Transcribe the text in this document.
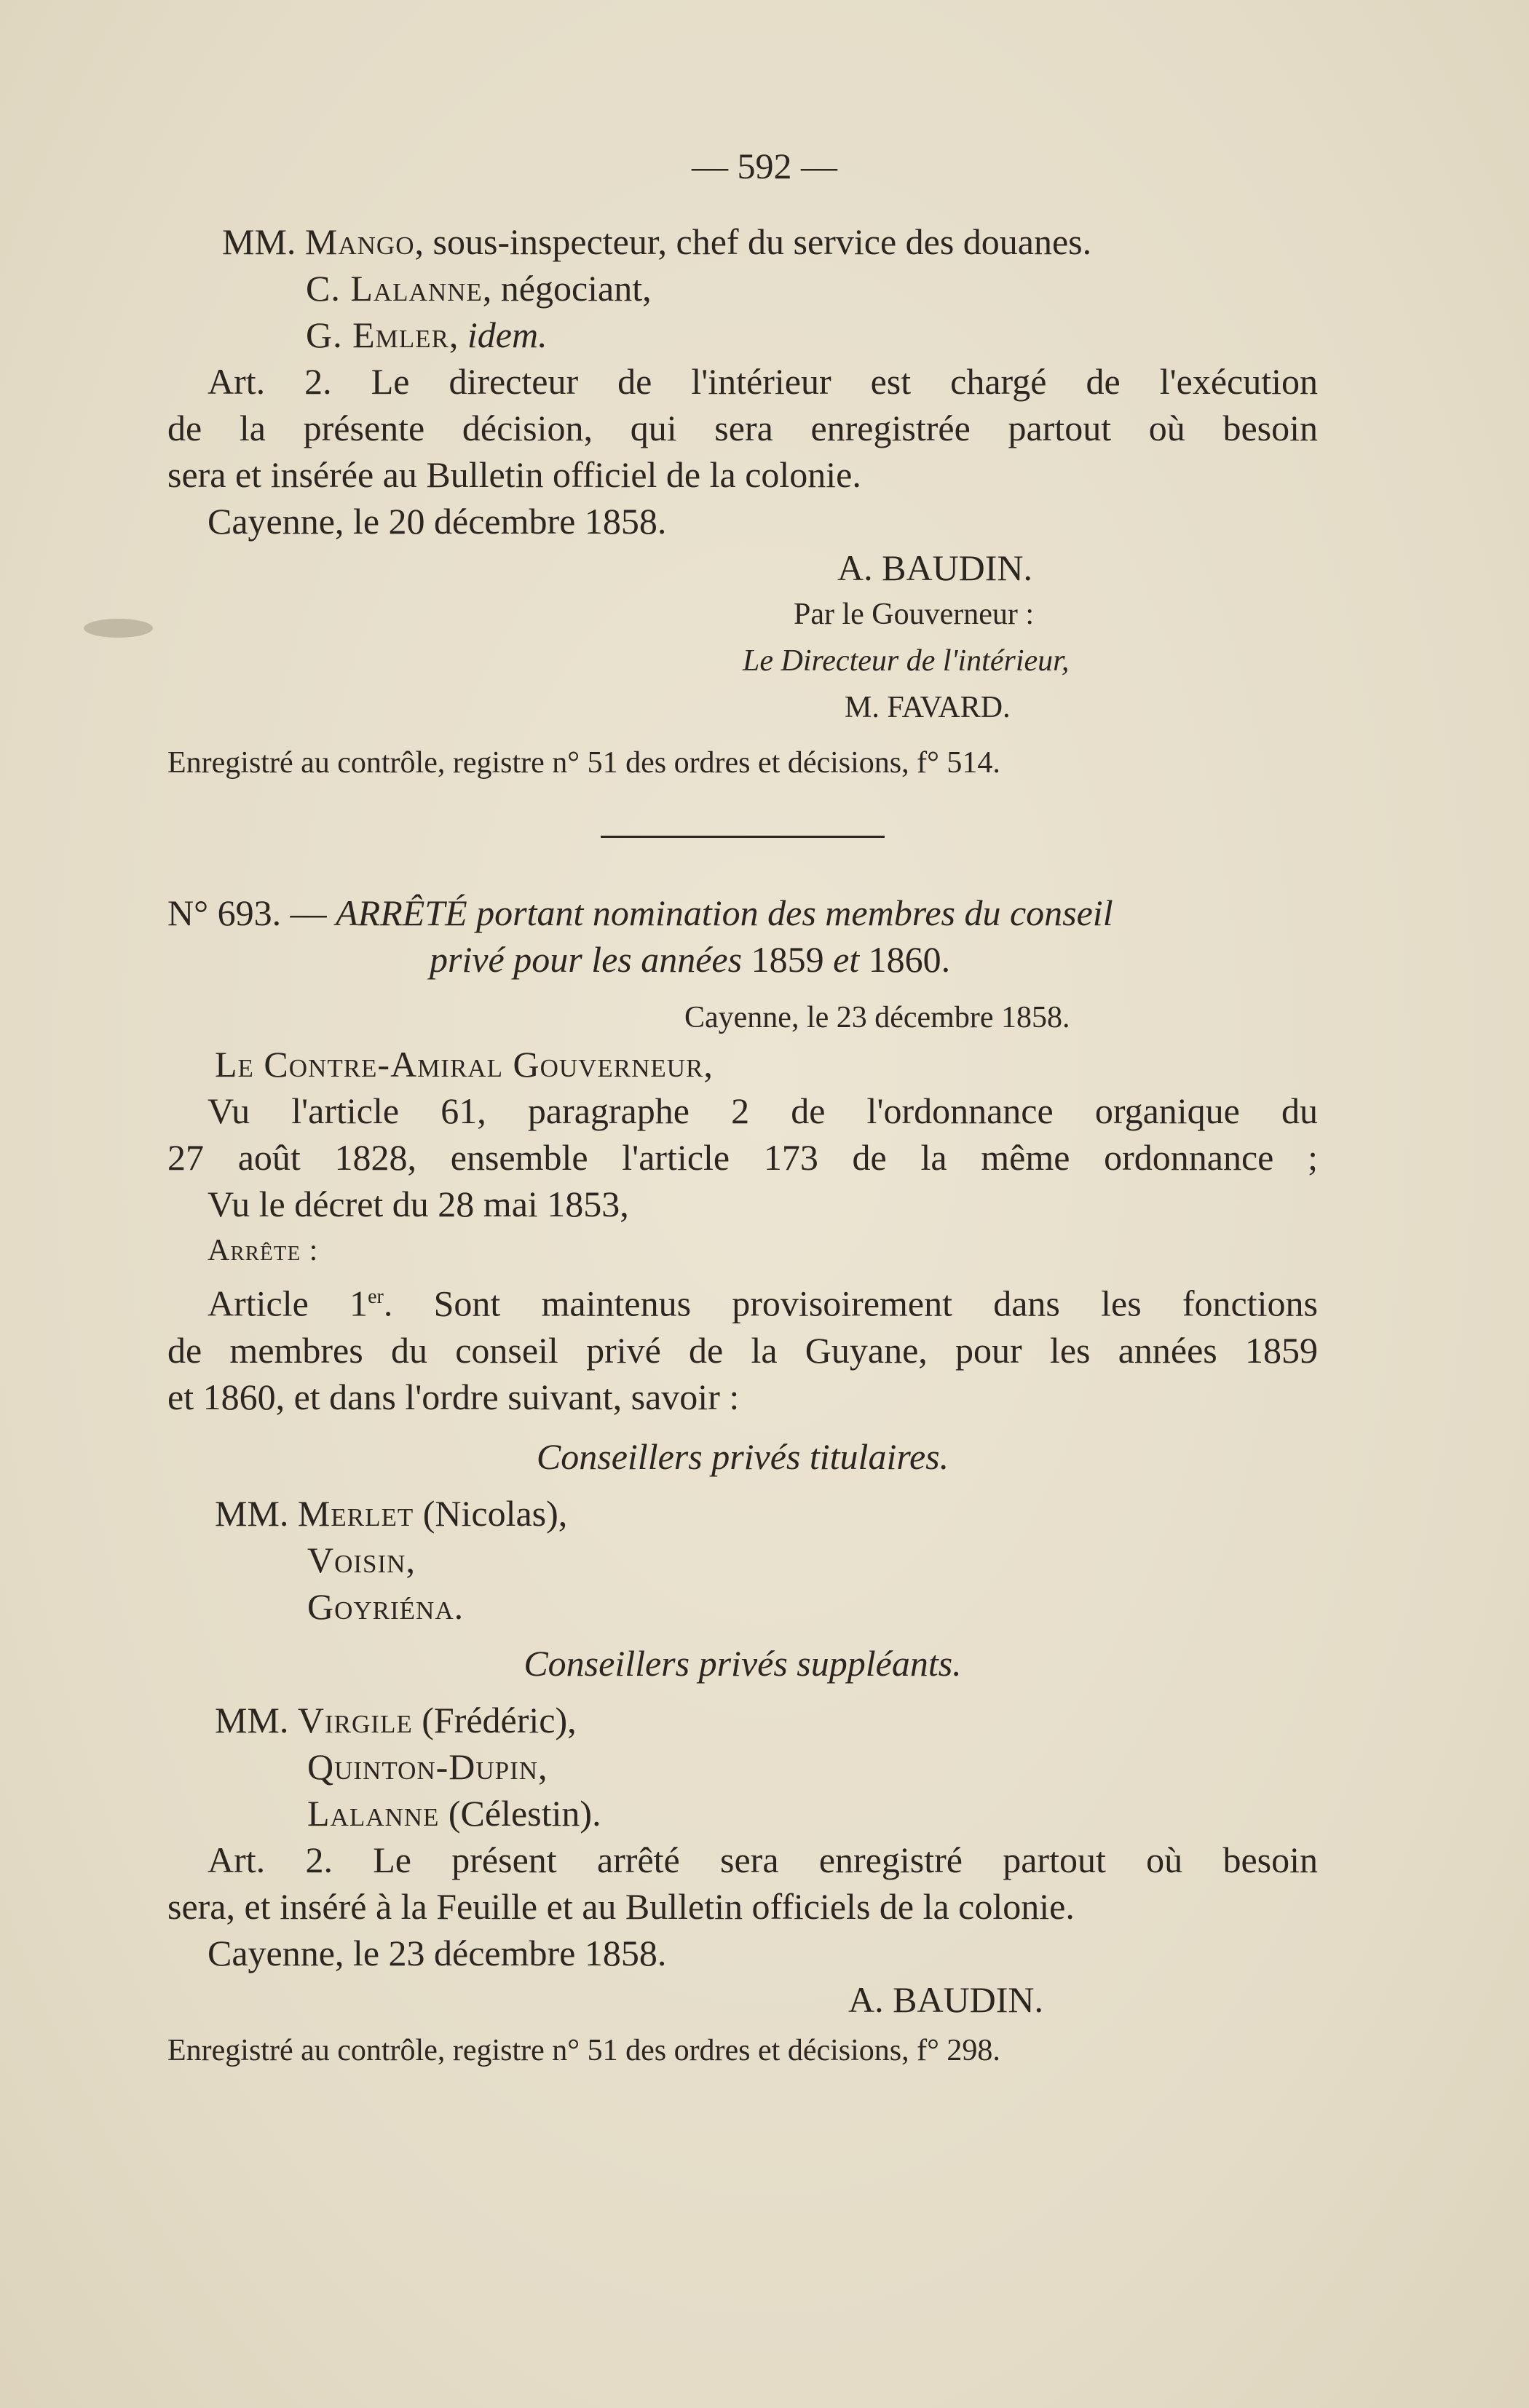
— 592 —
MM. Mango, sous-inspecteur, chef du service des douanes.
C. Lalanne, négociant,
G. Emler, idem.
Art. 2. Le directeur de l'intérieur est chargé de l'exécution
de la présente décision, qui sera enregistrée partout où besoin
sera et insérée au Bulletin officiel de la colonie.
Cayenne, le 20 décembre 1858.
A. BAUDIN.
Par le Gouverneur :
Le Directeur de l'intérieur,
M. FAVARD.
Enregistré au contrôle, registre n° 51 des ordres et décisions, f° 514.
N° 693. — ARRÊTÉ portant nomination des membres du conseil
privé pour les années 1859 et 1860.
Cayenne, le 23 décembre 1858.
Le Contre-Amiral Gouverneur,
Vu l'article 61, paragraphe 2 de l'ordonnance organique du
27 août 1828, ensemble l'article 173 de la même ordonnance ;
Vu le décret du 28 mai 1853,
Arrête :
Article 1er. Sont maintenus provisoirement dans les fonctions
de membres du conseil privé de la Guyane, pour les années 1859
et 1860, et dans l'ordre suivant, savoir :
Conseillers privés titulaires.
MM. Merlet (Nicolas),
Voisin,
Goyriéna.
Conseillers privés suppléants.
MM. Virgile (Frédéric),
Quinton-Dupin,
Lalanne (Célestin).
Art. 2. Le présent arrêté sera enregistré partout où besoin
sera, et inséré à la Feuille et au Bulletin officiels de la colonie.
Cayenne, le 23 décembre 1858.
A. BAUDIN.
Enregistré au contrôle, registre n° 51 des ordres et décisions, f° 298.
